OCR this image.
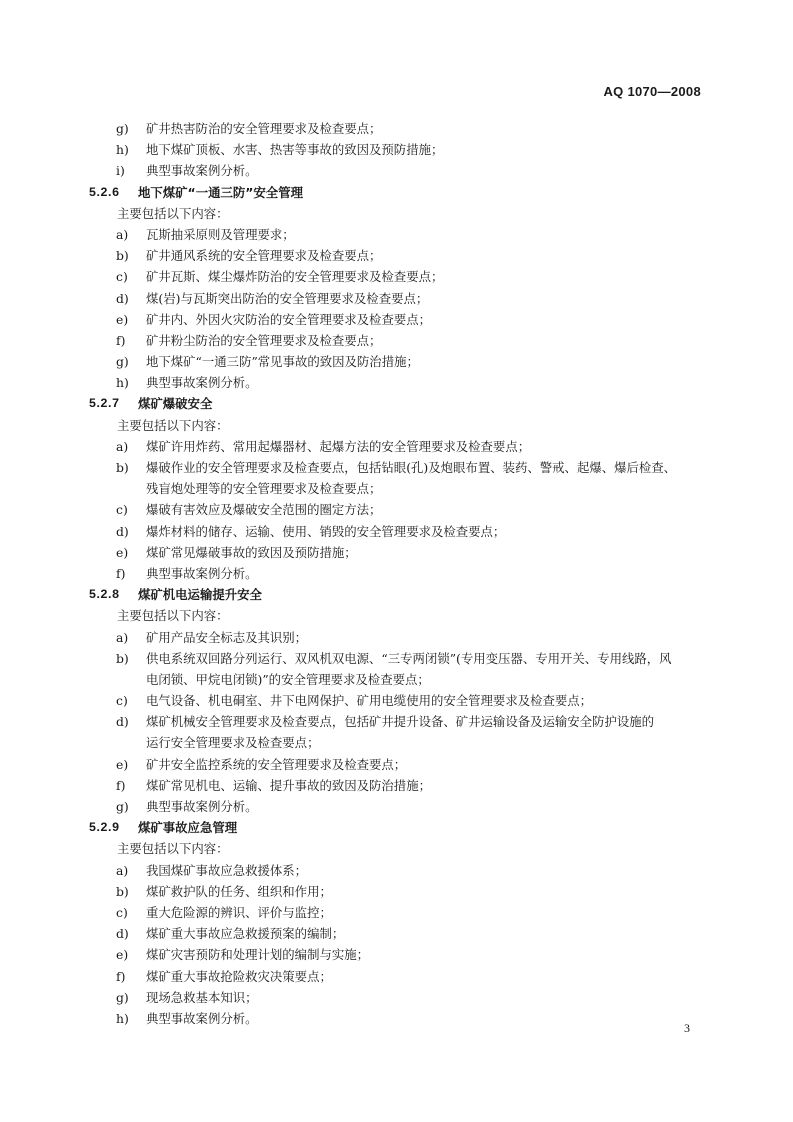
AQ 1070—2008
g)	矿井热害防治的安全管理要求及检查要点；
h)	地下煤矿顶板、水害、热害等事故的致因及预防措施；
i)	典型事故案例分析。
5.2.6 地下煤矿“一通三防”安全管理
主要包括以下内容：
a)	瓦斯抽采原则及管理要求；
b)	矿井通风系统的安全管理要求及检查要点；
c)	矿井瓦斯、煤尘爆炸防治的安全管理要求及检查要点；
d)	煤(岩)与瓦斯突出防治的安全管理要求及检查要点；
e)	矿井内、外因火灾防治的安全管理要求及检查要点；
f)	矿井粉尘防治的安全管理要求及检查要点；
g)	地下煤矿“一通三防”常见事故的致因及防治措施；
h)	典型事故案例分析。
5.2.7 煤矿爆破安全
主要包括以下内容：
a)	煤矿许用炸药、常用起爆器材、起爆方法的安全管理要求及检查要点；
b)	爆破作业的安全管理要求及检查要点，包括钻眼(孔)及炮眼布置、装药、警戒、起爆、爆后检查、
残盲炮处理等的安全管理要求及检查要点；
c)	爆破有害效应及爆破安全范围的圈定方法；
d)	爆炸材料的储存、运输、使用、销毁的安全管理要求及检查要点；
e)	煤矿常见爆破事故的致因及预防措施；
f)	典型事故案例分析。
5.2.8 煤矿机电运输提升安全
主要包括以下内容：
a)	矿用产品安全标志及其识别；
b)	供电系统双回路分列运行、双风机双电源、“三专两闭锁”(专用变压器、专用开关、专用线路，风
电闭锁、甲烷电闭锁)”的安全管理要求及检查要点；
c)	电气设备、机电硐室、井下电网保护、矿用电缆使用的安全管理要求及检查要点；
d)	煤矿机械安全管理要求及检查要点，包括矿井提升设备、矿井运输设备及运输安全防护设施的
运行安全管理要求及检查要点；
e)	矿井安全监控系统的安全管理要求及检查要点；
f)	煤矿常见机电、运输、提升事故的致因及防治措施；
g)	典型事故案例分析。
5.2.9 煤矿事故应急管理
主要包括以下内容：
a)	我国煤矿事故应急救援体系；
b)	煤矿救护队的任务、组织和作用；
c)	重大危险源的辨识、评价与监控；
d)	煤矿重大事故应急救援预案的编制；
e)	煤矿灾害预防和处理计划的编制与实施；
f)	煤矿重大事故抢险救灾决策要点；
g)	现场急救基本知识；
h)	典型事故案例分析。
3
